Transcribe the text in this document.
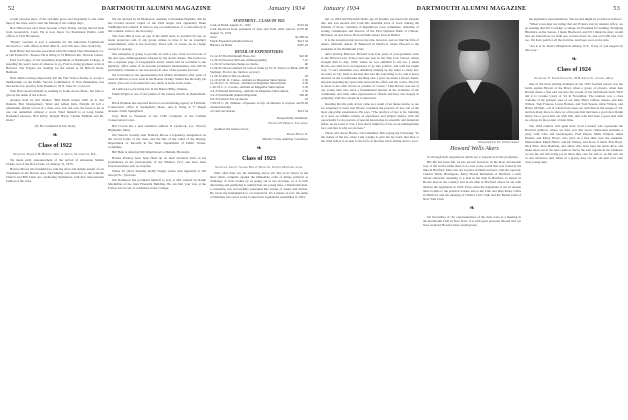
52	DARTMOUTH ALUMNI MAGAZINE	January 1934

would exercise more of his old-time grace and hospitality to the older men of the class, and to visit the friends of his college days.

Bob Wilson has once more become a New Yorker, having moved back from Greenwich, Conn. He is now buyer for Paramount Publix, with offices at 1501 Broadway.

"Bones" Gardner is now a salesman for the American Commercial Alcohol Co., with offices at West 46th St., and 17th Ave., New York City.

Reid Bixby has become associated with the United Shoe Machinery Co. at 140 Federal St., Boston. He is living at 74 Hillcrest Rd., Newton Centre.

Fred Joe Folger, of the Spaulding department at Dartmouth College, is spending his year's leave of absence to go. Fred is doing graduate work at Harvard. The Folgers are residing for the winter at 20 Belvoir Road, Belmont.

Nels Smith, having temporarily left the Yale School faculty to accept a membership on the Public Service Commission of New Hampshire, has moved his law practice from Nashua to 76 N. State St., Concord.

Walt Hoit reports himself as residing in South Acton, Mass., but fails to give us the name of the school.

Another item by Jim Walker: "Bill Smith turned 1500 on it. Tex Daniels, Bob Montgomery, Ward and Alfred Kim, Dwight all left a remarkable family record of a class once was run over the head so far as one can remember without a word. Ward himself is at Long Island, Nathaniel Gleason, Bob Kirby, Dwight Harry, Charlie Kimball and Dr. Irwin."

(To Be Continued in Our Next)

❧
Class of 1922
Secretary, Freeman H. Hinkley, Dept. of Justice, Washington, D.C.

We made early announcement of the arrival of Alexander Muller Clarke, son of the Rob Clarks, on January 11, 1933.

Harvey Moore has furnished us with the short and simple annals of our classmates in the Boston area. Ned Mather was instructor to the Catholic Church and Bill Clark are conducting themselves with that characteristic fashion of the class.

We are advised by Al Dickerson, assistant to President Hopkins, that he has located several copies of the 1922 Aegis, that apparently Duke VanBeight had ordered. If there is any reconsideration of a class history in this volume, write to the Secretary.

The class film is now on one of the small reels, so portable for use on home projectors and, if any group wishes to have it for an evening's entertainment, write to the Secretary. There will, of course, be no charge except for postage.

Our enterprise is going to provide us with a new class record book of the new type, mimeographed, adopted by the recent classes. The form now has a separate page of biographical detail, which will be available to the publicity office some of us become prominent businessmen, and will be particularly valuable to our successors in view of the present forecast.

We forwarded to the questionnaire that Walter Archibald, after years of exile in Illinois, is now back in the Boston vicinity. Walter has his daily job which, if he saw it, he must feel very much at home in the trade.

Al Lubbock is practicing law in the Barber Bldg., Nashua.

Frank Wright is one of the pillars of the United church on Bakersfield, Vt.

Brick Neuman has reported that he is an advertising agency in Fairfield, Connecticut, office at Springfield, Mass., and is living at 77 Maple Avenue, North Springfield.

Jerry Burn is Treasurer of the 113th Company of the Civilian Conservation Corps.

Hal Cowan has a new residence address in Lynbrook, L.I., Viceroy Highlands, Mass.

Jim Stewart recently sent Tiamaru Moore a legendary designation on the record forms of the class, and the title of the Chief of the Deputy, Department of Records in the Ohio Department of Public Works, Columbus.

Bill Hunt is referring 820 Ralph Road to Harlem, Brooklyn.

Hawke Prestley have been fined up on their ancestral farm on his prominence in the photography of the Windsor (Vt.) and have been foreclosed there and, no surprise.

Walter W. (Doc) Smedley Reilly Sturgis writes with ingenuity at 100 Sawyer St., Syracuse.

Jim Robinson has promised himself to stay at 205 ordered by Ralph Macmillan of the Joint Financial Building. He can find your way at the Forbes Alt on rate of conditions in the College.

STATEMENT—CLASS OF 1922
Cash on Hand, August 31, 1932	$525.64
Cash Received from payments of dues and from other sources to August 31, 1933
555.00
Total	$1,080.64
Funds Expended (detailed below)	$613.54
Balance on Hand	$467.10
DETAIL OF EXPENDITURES
10-12-32 The Dartmouth Press, Inc.	$10.00
11-29-32 Florence McLane, mimeographing	7.25
11-29-32 Collection charge on checks	.60
11-29-32 Check returned for lack of funds by W. D. Taylor on Bank of Vermont, Proctor (no funds to recover)
20.00
11-29-32 Alfred Tim on checks	.50
12-19-32 M. D. Clarke—Refund on Magazine Subscription	2.50
12-26-32 C. E. Watson—Refund on Magazine Subscription	2.50
1-26-33 C. C. Cordes—Refund on Magazine Subscription	2.50
2-4-33 Harold Kirrbuerg—Refund on Magazine Subscription	2.50
3-4-33 Dartmouth Alumni Magazine	500.00
6-9-33 Federal Tax on checks	.18
7-28-33 C. M. Zimmer—Expenses of trip on Mission to prepare one reunion meeting
35.00
of Class Secretaries	$613.54

Respectfully submitted,

Freeman H. Hinkley, Treasurer.

Audited and found correct,

Robert Burns Jr.

Member Class Auditing Committee

❧
Class of 1923
Secretary, John C. Slader, Box 2, Wells St. Station, Hartford, Conn.

Well, after their raw the smashing above all! The local viewer in the more than's complete against the immediate order of things political. A challenge of class bodies by us going out at the doorstep, so it is both interesting and gratifying to remind that our young man, a Dartmouth man, a classmate, has successfully presented this barrier of issues and further. He wrote the fundamental to a Connecticut. It's a matter of fact, the name of Dalmans who serve in the Connecticut Legislature assemblies in 1933.

January 1934	DARTMOUTH ALUMNI MAGAZINE	53

left on 1934 and Elizabeth Wells, age 18 months, has been told. Despite this, she was elected and Cosh this beautiful town of town. During the lifetime of more, chairman of Republican town committee, chairman of zoning commission and director of the First National Bank of Clinton. Between, on and above, Howard Wells Akers lives in Bethel.

It is the exception that proves the rule, however, and we find the firm of Akers, Mitchell, Akers, & Bakewell in Hartford, where Howard is the president of the Dartmouth Club.

After leaving Hanover, Howard took four years of post-graduate work in the Harvard Law School and one year in the Yale Law School, which brought him to July, 1926, where he was admitted to the bar. I asked Howie one time how he happened to go into politics, and with his bright way, "I can't remember ever definitely making up my mind to study law. As early as I go back to me this that was the only thing to do, and it never dawned on me to undertake anything else. I grew up under a lawyer father, enjoyed spending my spare time between his office and the courts. The law is never to the other chores as a matter of course." Thus Howie was one of our young men who have a fundamental interest in the activities of the community and what other expressions it affords and they also deeply in sympathy with his concern in Connecticut.

Reading that his path of law came as a result of an innate desire, so are we surprised to learn that Howie considers the practice of law one of the most enjoyable experiences. He says, "The practice of law is far, building as it does on infinite variety of experience and subject matter, with the opportunity for its practice of special knowledge in scientific and industrial fields. As he looks it over, I feel that it might be of law as an unimaginable fact, and that is why we are here."

Those who know Howie, will remember him saying the following: "In the statute of the bar, when I ask a judge to give me lay ward, that man or the chief fellow is as near to the facts as the man who's sitting next to you."	Photographed by The Johnston Studios
Howard Wells Akers

So through such experiences which are to expand on in the profession.

His life has been full, he has served, however, in the most wholesome way of the world while there is no loss to the world that was found in his time in Hartford. Men who are in place in Hartford know well his capacity. Charles Wells, Barrington, Barry Howie Duchamel of Hartford, a man whose character, speaking to a man in his time in Hartford, is shown as Howie here in the country, and in his time in Hartford where he sat with them in the legislature in 1933. Even when the legislature is not in session there is time to the political worker and at the Club and their Pansy Clubs in Hartford, and the meeting of Clinton Civic Club and the Bethel Club of New York Club.

❧

On November of '32, representatives of the class were at a meeting in the Dartmouth Club in New York. It is with great personal interest that we have received Howie's letter quoting here.

the legislative representatives. The second might be worded as follows:

"When town-ings are ruling that Art Evans's run for student office, we go seeking that flat Coolidge, a college for President for nothing. Wolfgang Hinckle's on the Senate, I made Hardward, and I'll I think the man, would that our hand more we shall see, at least never be, and we'd still bite a bit too. We have paid for all the doctrine, and hope soon on the side.

"Art is at St. Peter's Hospital in Albany, N.Y., if any of you happen by that way."

❧
Class of 1924
Secretary, F. Jerome Spaulding, 32 Harrison St., Lowell, Mass.

One of the most stirring moments in the 1933 football season was the battle against Brown at the Bowl, when a group of players, when Ken Harriet made a fine end run into the woods of the Dartmouth field. We'll tell it to Connie Carey of '24 in November. The reunion was a class roundup of the greatest ones of our time, Harry Gilbert, Keene, and Ken Wilson, Tom Frances, Lucas Borkan, and Tom Spears, Orrin Wilson, and Henry McNutt—all of whom have been out with him in the league of '24, and has many more to show us of the past that had been a good deal. Ralph Kirby was a good deal out with him, nine who had been a good deal with us, always in the pocket of their time.

The 1934 reunion will again have Scott Leonard who represents the Harvard gridiron, where we trust you this year's celebration includes a party with wins and bandwagons, Fred Dupre, Mark Winters, Allan Dennis, and Ellery Howe, who gave us a fine time over the weekend. Meriweather Ralph Harris, and Dr. Halsey, and more of them, Pete Boyd, Dick Fritz, Dow Baldwin, and others who have kept the spirit alive, and make more out at the next reunion. We've the best regards in the business; we are the old who bring joy in those they care for and so on. He sets out to win whatever, and, taken as a group, they are the old men now who were young then.
